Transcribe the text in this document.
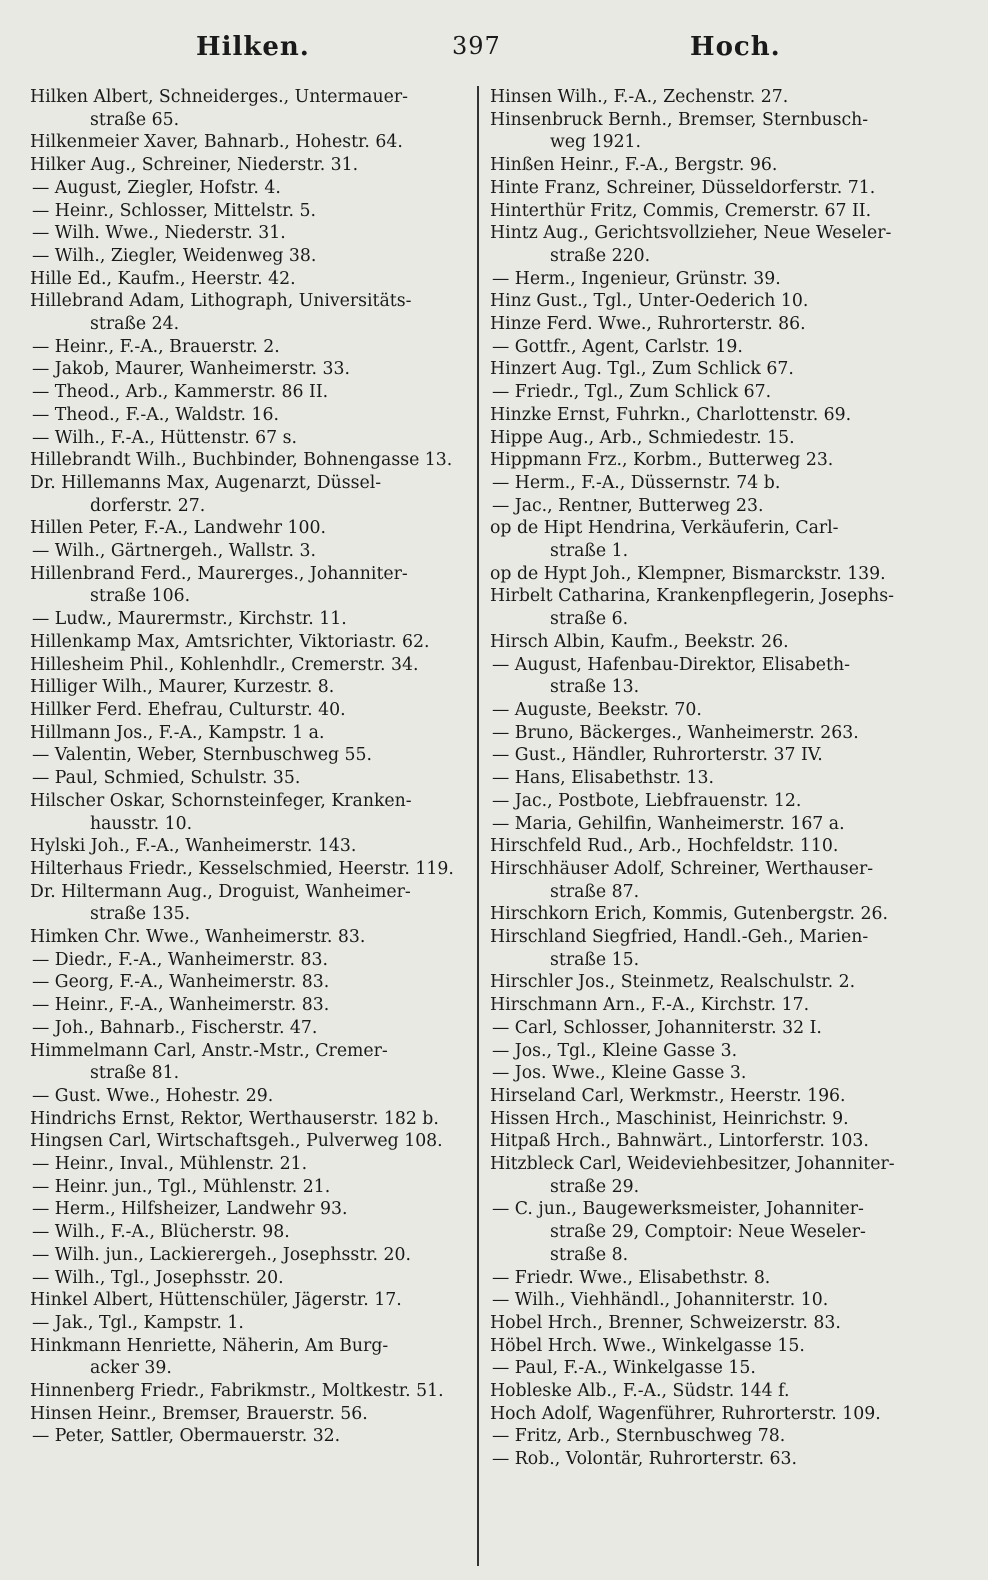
Hilken.	397	Hoch.
Hilken Albert, Schneiderges., Untermauer-
straße 65.
Hilkenmeier Xaver, Bahnarb., Hohestr. 64.
Hilker Aug., Schreiner, Niederstr. 31.
— August, Ziegler, Hofstr. 4.
— Heinr., Schlosser, Mittelstr. 5.
— Wilh. Wwe., Niederstr. 31.
— Wilh., Ziegler, Weidenweg 38.
Hille Ed., Kaufm., Heerstr. 42.
Hillebrand Adam, Lithograph, Universitäts-
straße 24.
— Heinr., F.-A., Brauerstr. 2.
— Jakob, Maurer, Wanheimerstr. 33.
— Theod., Arb., Kammerstr. 86 II.
— Theod., F.-A., Waldstr. 16.
— Wilh., F.-A., Hüttenstr. 67 s.
Hillebrandt Wilh., Buchbinder, Bohnengasse 13.
Dr. Hillemanns Max, Augenarzt, Düssel-
dorferstr. 27.
Hillen Peter, F.-A., Landwehr 100.
— Wilh., Gärtnergeh., Wallstr. 3.
Hillenbrand Ferd., Maurerges., Johanniter-
straße 106.
— Ludw., Maurermstr., Kirchstr. 11.
Hillenkamp Max, Amtsrichter, Viktoriastr. 62.
Hillesheim Phil., Kohlenhdlr., Cremerstr. 34.
Hilliger Wilh., Maurer, Kurzestr. 8.
Hillker Ferd. Ehefrau, Culturstr. 40.
Hillmann Jos., F.-A., Kampstr. 1 a.
— Valentin, Weber, Sternbuschweg 55.
— Paul, Schmied, Schulstr. 35.
Hilscher Oskar, Schornsteinfeger, Kranken-
hausstr. 10.
Hylski Joh., F.-A., Wanheimerstr. 143.
Hilterhaus Friedr., Kesselschmied, Heerstr. 119.
Dr. Hiltermann Aug., Droguist, Wanheimer-
straße 135.
Himken Chr. Wwe., Wanheimerstr. 83.
— Diedr., F.-A., Wanheimerstr. 83.
— Georg, F.-A., Wanheimerstr. 83.
— Heinr., F.-A., Wanheimerstr. 83.
— Joh., Bahnarb., Fischerstr. 47.
Himmelmann Carl, Anstr.-Mstr., Cremer-
straße 81.
— Gust. Wwe., Hohestr. 29.
Hindrichs Ernst, Rektor, Werthauserstr. 182 b.
Hingsen Carl, Wirtschaftsgeh., Pulverweg 108.
— Heinr., Inval., Mühlenstr. 21.
— Heinr. jun., Tgl., Mühlenstr. 21.
— Herm., Hilfsheizer, Landwehr 93.
— Wilh., F.-A., Blücherstr. 98.
— Wilh. jun., Lackierergeh., Josephsstr. 20.
— Wilh., Tgl., Josephsstr. 20.
Hinkel Albert, Hüttenschüler, Jägerstr. 17.
— Jak., Tgl., Kampstr. 1.
Hinkmann Henriette, Näherin, Am Burg-
acker 39.
Hinnenberg Friedr., Fabrikmstr., Moltkestr. 51.
Hinsen Heinr., Bremser, Brauerstr. 56.
— Peter, Sattler, Obermauerstr. 32.
Hinsen Wilh., F.-A., Zechenstr. 27.
Hinsenbruck Bernh., Bremser, Sternbusch-
weg 1921.
Hinßen Heinr., F.-A., Bergstr. 96.
Hinte Franz, Schreiner, Düsseldorferstr. 71.
Hinterthür Fritz, Commis, Cremerstr. 67 II.
Hintz Aug., Gerichtsvollzieher, Neue Weseler-
straße 220.
— Herm., Ingenieur, Grünstr. 39.
Hinz Gust., Tgl., Unter-Oederich 10.
Hinze Ferd. Wwe., Ruhrorterstr. 86.
— Gottfr., Agent, Carlstr. 19.
Hinzert Aug. Tgl., Zum Schlick 67.
— Friedr., Tgl., Zum Schlick 67.
Hinzke Ernst, Fuhrkn., Charlottenstr. 69.
Hippe Aug., Arb., Schmiedestr. 15.
Hippmann Frz., Korbm., Butterweg 23.
— Herm., F.-A., Düssernstr. 74 b.
— Jac., Rentner, Butterweg 23.
op de Hipt Hendrina, Verkäuferin, Carl-
straße 1.
op de Hypt Joh., Klempner, Bismarckstr. 139.
Hirbelt Catharina, Krankenpflegerin, Josephs-
straße 6.
Hirsch Albin, Kaufm., Beekstr. 26.
— August, Hafenbau-Direktor, Elisabeth-
straße 13.
— Auguste, Beekstr. 70.
— Bruno, Bäckerges., Wanheimerstr. 263.
— Gust., Händler, Ruhrorterstr. 37 IV.
— Hans, Elisabethstr. 13.
— Jac., Postbote, Liebfrauenstr. 12.
— Maria, Gehilfin, Wanheimerstr. 167 a.
Hirschfeld Rud., Arb., Hochfeldstr. 110.
Hirschhäuser Adolf, Schreiner, Werthauser-
straße 87.
Hirschkorn Erich, Kommis, Gutenbergstr. 26.
Hirschland Siegfried, Handl.-Geh., Marien-
straße 15.
Hirschler Jos., Steinmetz, Realschulstr. 2.
Hirschmann Arn., F.-A., Kirchstr. 17.
— Carl, Schlosser, Johanniterstr. 32 I.
— Jos., Tgl., Kleine Gasse 3.
— Jos. Wwe., Kleine Gasse 3.
Hirseland Carl, Werkmstr., Heerstr. 196.
Hissen Hrch., Maschinist, Heinrichstr. 9.
Hitpaß Hrch., Bahnwärt., Lintorferstr. 103.
Hitzbleck Carl, Weideviehbesitzer, Johanniter-
straße 29.
— C. jun., Baugewerksmeister, Johanniter-
straße 29, Comptoir: Neue Weseler-
straße 8.
— Friedr. Wwe., Elisabethstr. 8.
— Wilh., Viehhändl., Johanniterstr. 10.
Hobel Hrch., Brenner, Schweizerstr. 83.
Höbel Hrch. Wwe., Winkelgasse 15.
— Paul, F.-A., Winkelgasse 15.
Hobleske Alb., F.-A., Südstr. 144 f.
Hoch Adolf, Wagenführer, Ruhrorterstr. 109.
— Fritz, Arb., Sternbuschweg 78.
— Rob., Volontär, Ruhrorterstr. 63.
